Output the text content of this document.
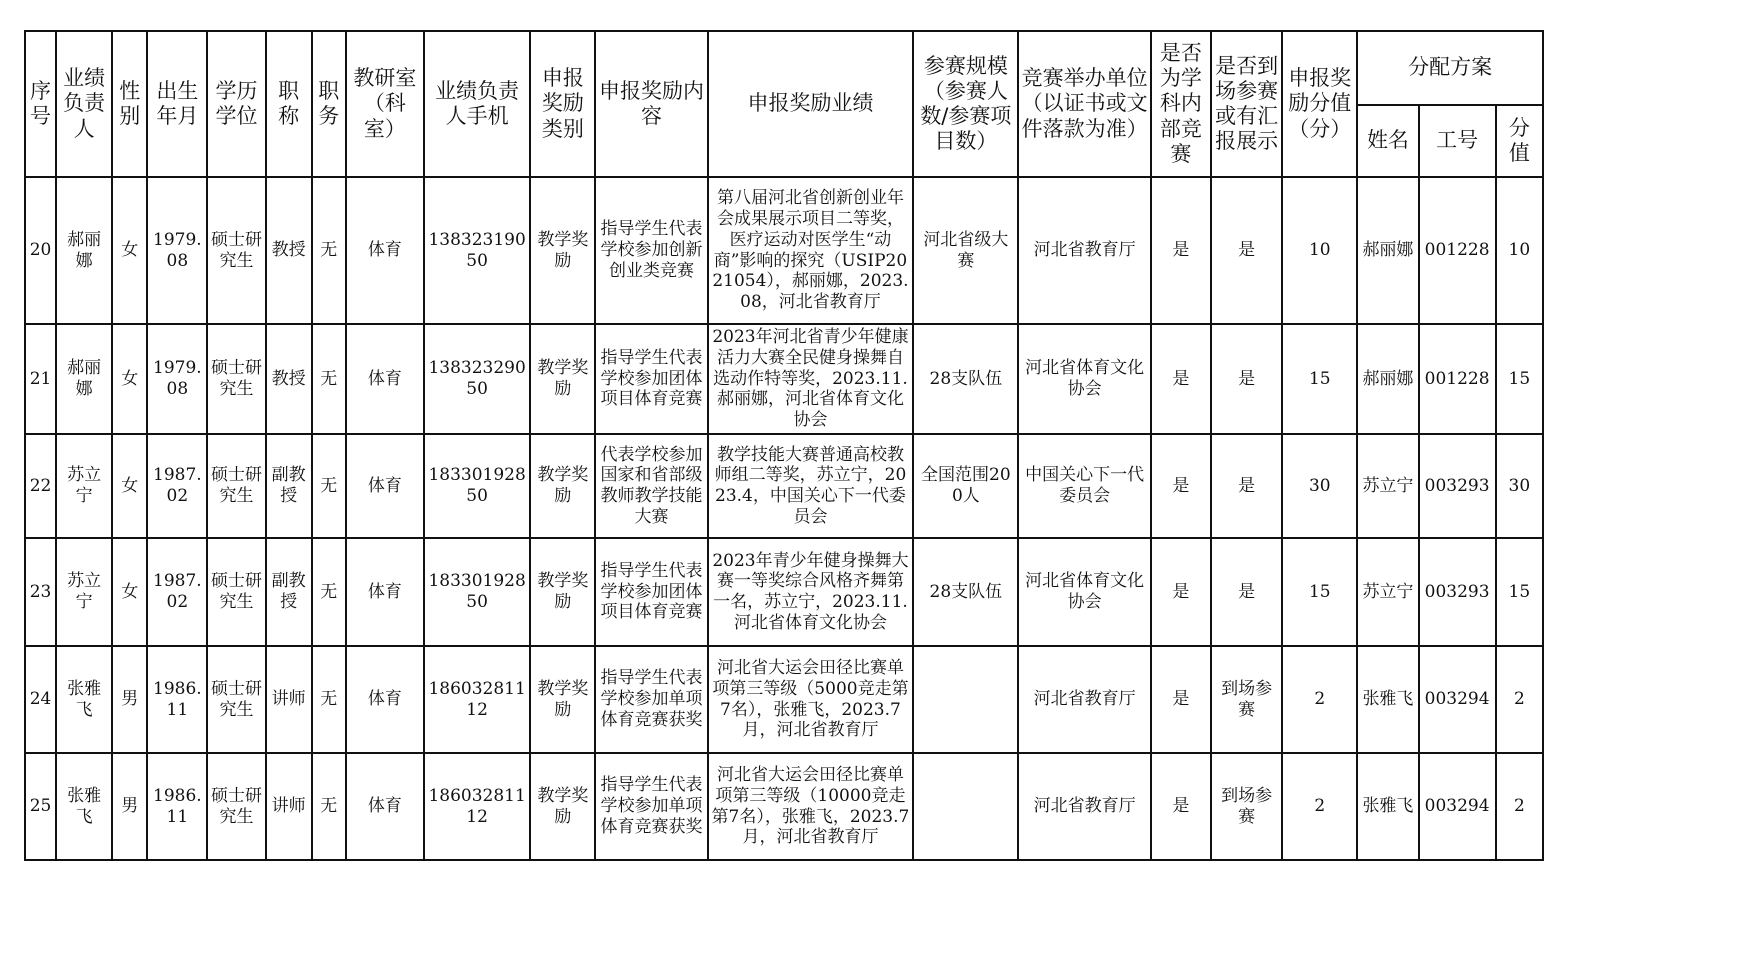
序号	业绩负责人	性别	出生年月	学历学位	职称	职务	教研室（科室）	业绩负责人手机	申报奖励类别	申报奖励内容	申报奖励业绩	参赛规模（参赛人数/参赛项目数）	竞赛举办单位（以证书或文件落款为准）	是否为学科内部竞赛	是否到场参赛或有汇报展示	申报奖励分值（分）	分配方案		
																	姓名	工号	分值
20	郝丽娜	女	1979.08	硕士研究生	教授	无	体育	13832319050	教学奖励	指导学生代表学校参加创新创业类竞赛	第八届河北省创新创业年会成果展示项目二等奖，医疗运动对医学生“动商”影响的探究（USIP2021054），郝丽娜，2023.08，河北省教育厅	河北省级大赛	河北省教育厅	是	是	10	郝丽娜	001228	10
21	郝丽娜	女	1979.08	硕士研究生	教授	无	体育	13832329050	教学奖励	指导学生代表学校参加团体项目体育竞赛	2023年河北省青少年健康活力大赛全民健身操舞自选动作特等奖，2023.11.郝丽娜，河北省体育文化协会	28支队伍	河北省体育文化协会	是	是	15	郝丽娜	001228	15
22	苏立宁	女	1987.02	硕士研究生	副教授	无	体育	18330192850	教学奖励	代表学校参加国家和省部级教师教学技能大赛	教学技能大赛普通高校教师组二等奖，苏立宁，2023.4，中国关心下一代委员会	全国范围200人	中国关心下一代委员会	是	是	30	苏立宁	003293	30
23	苏立宁	女	1987.02	硕士研究生	副教授	无	体育	18330192850	教学奖励	指导学生代表学校参加团体项目体育竞赛	2023年青少年健身操舞大赛一等奖综合风格齐舞第一名，苏立宁，2023.11.河北省体育文化协会	28支队伍	河北省体育文化协会	是	是	15	苏立宁	003293	15
24	张雅飞	男	1986.11	硕士研究生	讲师	无	体育	18603281112	教学奖励	指导学生代表学校参加单项体育竞赛获奖	河北省大运会田径比赛单项第三等级（5000竞走第7名），张雅飞，2023.7月，河北省教育厅		河北省教育厅	是	到场参赛	2	张雅飞	003294	2
25	张雅飞	男	1986.11	硕士研究生	讲师	无	体育	18603281112	教学奖励	指导学生代表学校参加单项体育竞赛获奖	河北省大运会田径比赛单项第三等级（10000竞走第7名），张雅飞，2023.7月，河北省教育厅		河北省教育厅	是	到场参赛	2	张雅飞	003294	2
